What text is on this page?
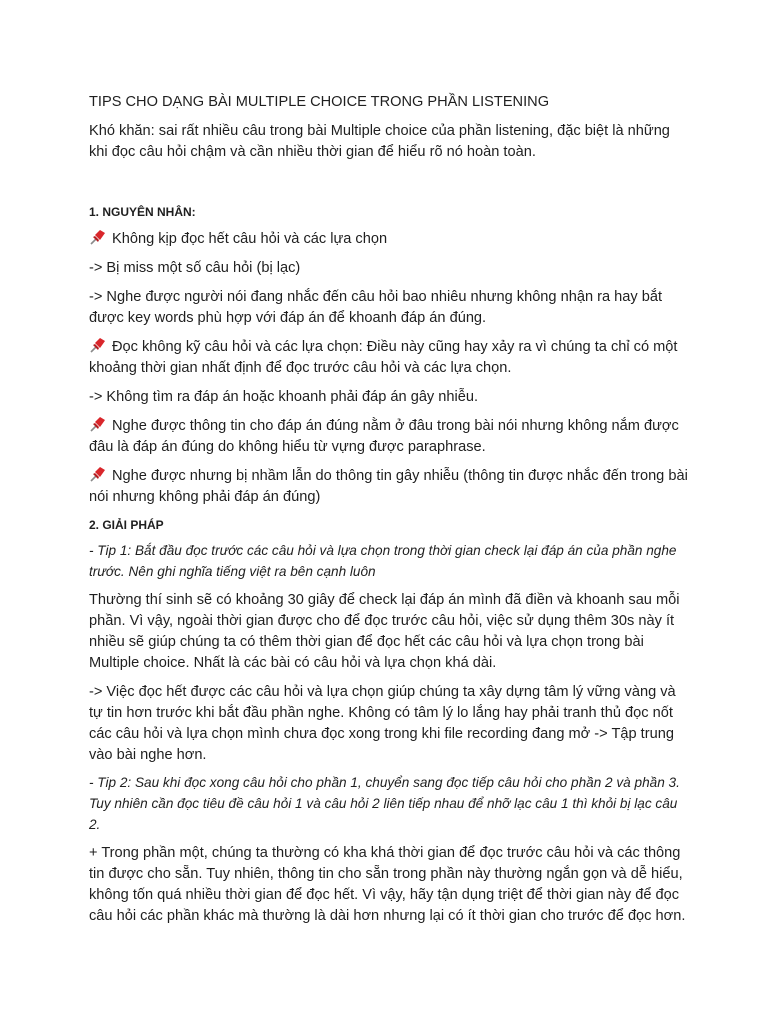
TIPS CHO DẠNG BÀI MULTIPLE CHOICE TRONG PHẦN LISTENING

Khó khăn: sai rất nhiều câu trong bài Multiple choice của phần listening, đặc biệt là những khi đọc câu hỏi chậm và cần nhiều thời gian để hiểu rõ nó hoàn toàn.

1. NGUYÊN NHÂN:

Không kịp đọc hết câu hỏi và các lựa chọn

-> Bị miss một số câu hỏi (bị lạc)

-> Nghe được người nói đang nhắc đến câu hỏi bao nhiêu nhưng không nhận ra hay bắt được key words phù hợp với đáp án để khoanh đáp án đúng.

Đọc không kỹ câu hỏi và các lựa chọn: Điều này cũng hay xảy ra vì chúng ta chỉ có một khoảng thời gian nhất định để đọc trước câu hỏi và các lựa chọn.

-> Không tìm ra đáp án hoặc khoanh phải đáp án gây nhiễu.

Nghe được thông tin cho đáp án đúng nằm ở đâu trong bài nói nhưng không nắm được đâu là đáp án đúng do không hiểu từ vựng được paraphrase.

Nghe được nhưng bị nhầm lẫn do thông tin gây nhiễu (thông tin được nhắc đến trong bài nói nhưng không phải đáp án đúng)

2. GIẢI PHÁP

- Tip 1: Bắt đầu đọc trước các câu hỏi và lựa chọn trong thời gian check lại đáp án của phần nghe trước. Nên ghi nghĩa tiếng việt ra bên cạnh luôn

Thường thí sinh sẽ có khoảng 30 giây để check lại đáp án mình đã điền và khoanh sau mỗi phần. Vì vậy, ngoài thời gian được cho để đọc trước câu hỏi, việc sử dụng thêm 30s này ít nhiều sẽ giúp chúng ta có thêm thời gian để đọc hết các câu hỏi và lựa chọn trong bài Multiple choice. Nhất là các bài có câu hỏi và lựa chọn khá dài.

-> Việc đọc hết được các câu hỏi và lựa chọn giúp chúng ta xây dựng tâm lý vững vàng và tự tin hơn trước khi bắt đầu phần nghe. Không có tâm lý lo lắng hay phải tranh thủ đọc nốt các câu hỏi và lựa chọn mình chưa đọc xong trong khi file recording đang mở -> Tập trung vào bài nghe hơn.

- Tip 2: Sau khi đọc xong câu hỏi cho phần 1, chuyển sang đọc tiếp câu hỏi cho phần 2 và phần 3. Tuy nhiên cần đọc tiêu đề câu hỏi 1 và câu hỏi 2 liên tiếp nhau để nhỡ lạc câu 1 thì khỏi bị lạc câu 2.

+ Trong phần một, chúng ta thường có kha khá thời gian để đọc trước câu hỏi và các thông tin được cho sẵn. Tuy nhiên, thông tin cho sẵn trong phần này thường ngắn gọn và dễ hiểu, không tốn quá nhiều thời gian để đọc hết. Vì vậy, hãy tận dụng triệt để thời gian này để đọc câu hỏi các phần khác mà thường là dài hơn nhưng lại có ít thời gian cho trước để đọc hơn.
